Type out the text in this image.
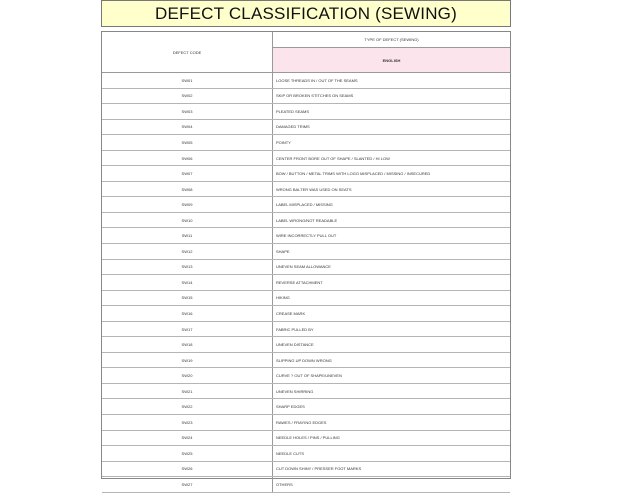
DEFECT CLASSIFICATION (SEWING)
DEFECT CODE
TYPE OF DEFECT (SEWING)
ENGLISH
SW01	LOOSE THREADS IN / OUT OF THE SEAMS
SW02	SKIP OR BROKEN STITCHES ON SEAMS
SW03	PLEATED SEAMS
SW04	DAMAGED TRIMS
SW05	POINTY
SW06	CENTER FRONT BORE OUT OF SHAPE / SLANTED / HI LOW
SW07	BOW / BUTTON / METAL TRIMS WITH LOGO MISPLACED / MISSING / INSECURED
SW08	WRONG BALTER WAS USED ON SEATS
SW09	LABEL MISPLACED / MISSING
SW10	LABEL WRONG/NOT READABLE
SW11	WIRE INCORRECTLY PULL OUT
SW12	SHAPE
SW13	UNEVEN SEAM ALLOWANCE
SW14	REVERSE ATTACHMENT
SW15	HIKING
SW16	CREASE MARK
SW17	FABRIC PULLED BY
SW18	UNEVEN DISTANCE
SW19	SLIPPING UP DOWN WRONG
SW20	CURVE ? OUT OF SHAPE/UNEVEN
SW21	UNEVEN SHIRRING
SW22	SHARP EDGES
SW23	RAWES / FRAYING EDGES
SW24	NEEDLE HOLES / PINS / PULLING
SW25	NEEDLE CUTS
SW26	CUT DOWN SHINY / PRESSER FOOT MARKS
SW27	OTHERS
